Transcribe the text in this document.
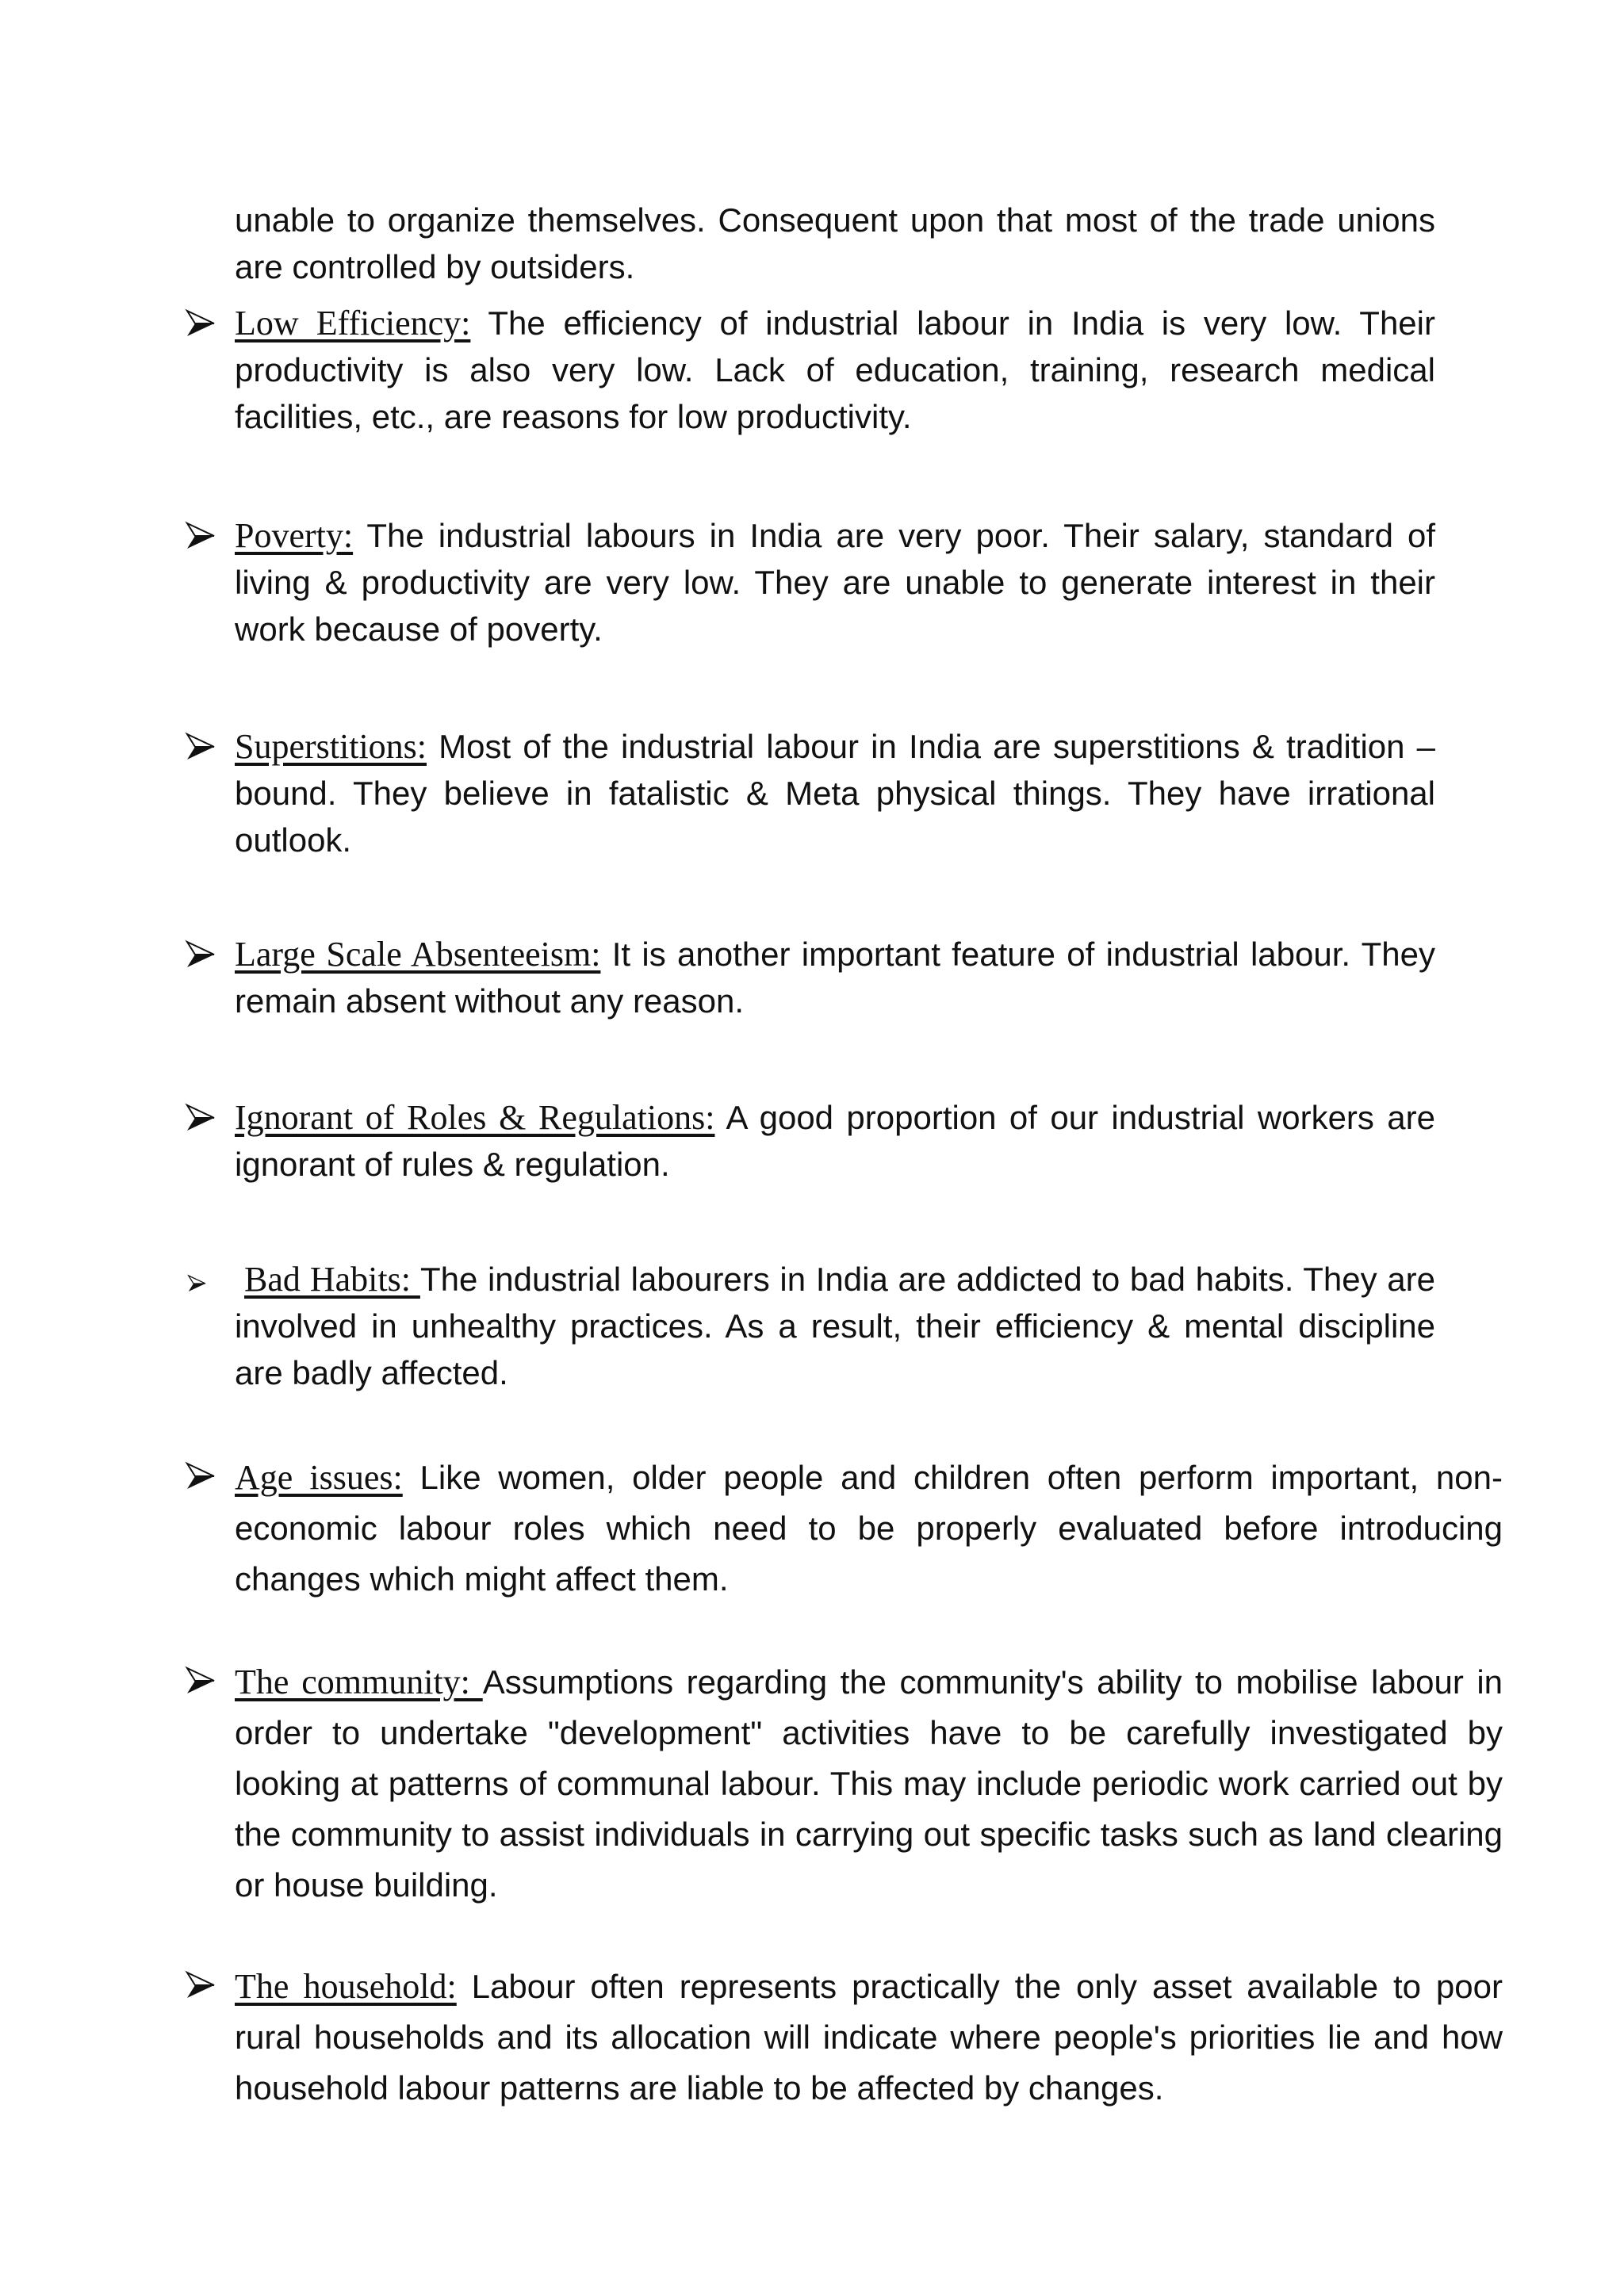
unable to organize themselves. Consequent upon that most of the trade unions are controlled by outsiders.
Low Efficiency: The efficiency of industrial labour in India is very low. Their productivity is also very low. Lack of education, training, research medical facilities, etc., are reasons for low productivity.
Poverty: The industrial labours in India are very poor. Their salary, standard of living & productivity are very low. They are unable to generate interest in their work because of poverty.
Superstitions: Most of the industrial labour in India are superstitions & tradition – bound. They believe in fatalistic & Meta physical things. They have irrational outlook.
Large Scale Absenteeism: It is another important feature of industrial labour. They remain absent without any reason.
Ignorant of Roles & Regulations: A good proportion of our industrial workers are ignorant of rules & regulation.
Bad Habits: The industrial labourers in India are addicted to bad habits. They are involved in unhealthy practices. As a result, their efficiency & mental discipline are badly affected.
Age issues: Like women, older people and children often perform important, non-economic labour roles which need to be properly evaluated before introducing changes which might affect them.
The community: Assumptions regarding the community's ability to mobilise labour in order to undertake "development" activities have to be carefully investigated by looking at patterns of communal labour. This may include periodic work carried out by the community to assist individuals in carrying out specific tasks such as land clearing or house building.
The household: Labour often represents practically the only asset available to poor rural households and its allocation will indicate where people's priorities lie and how household labour patterns are liable to be affected by changes.
